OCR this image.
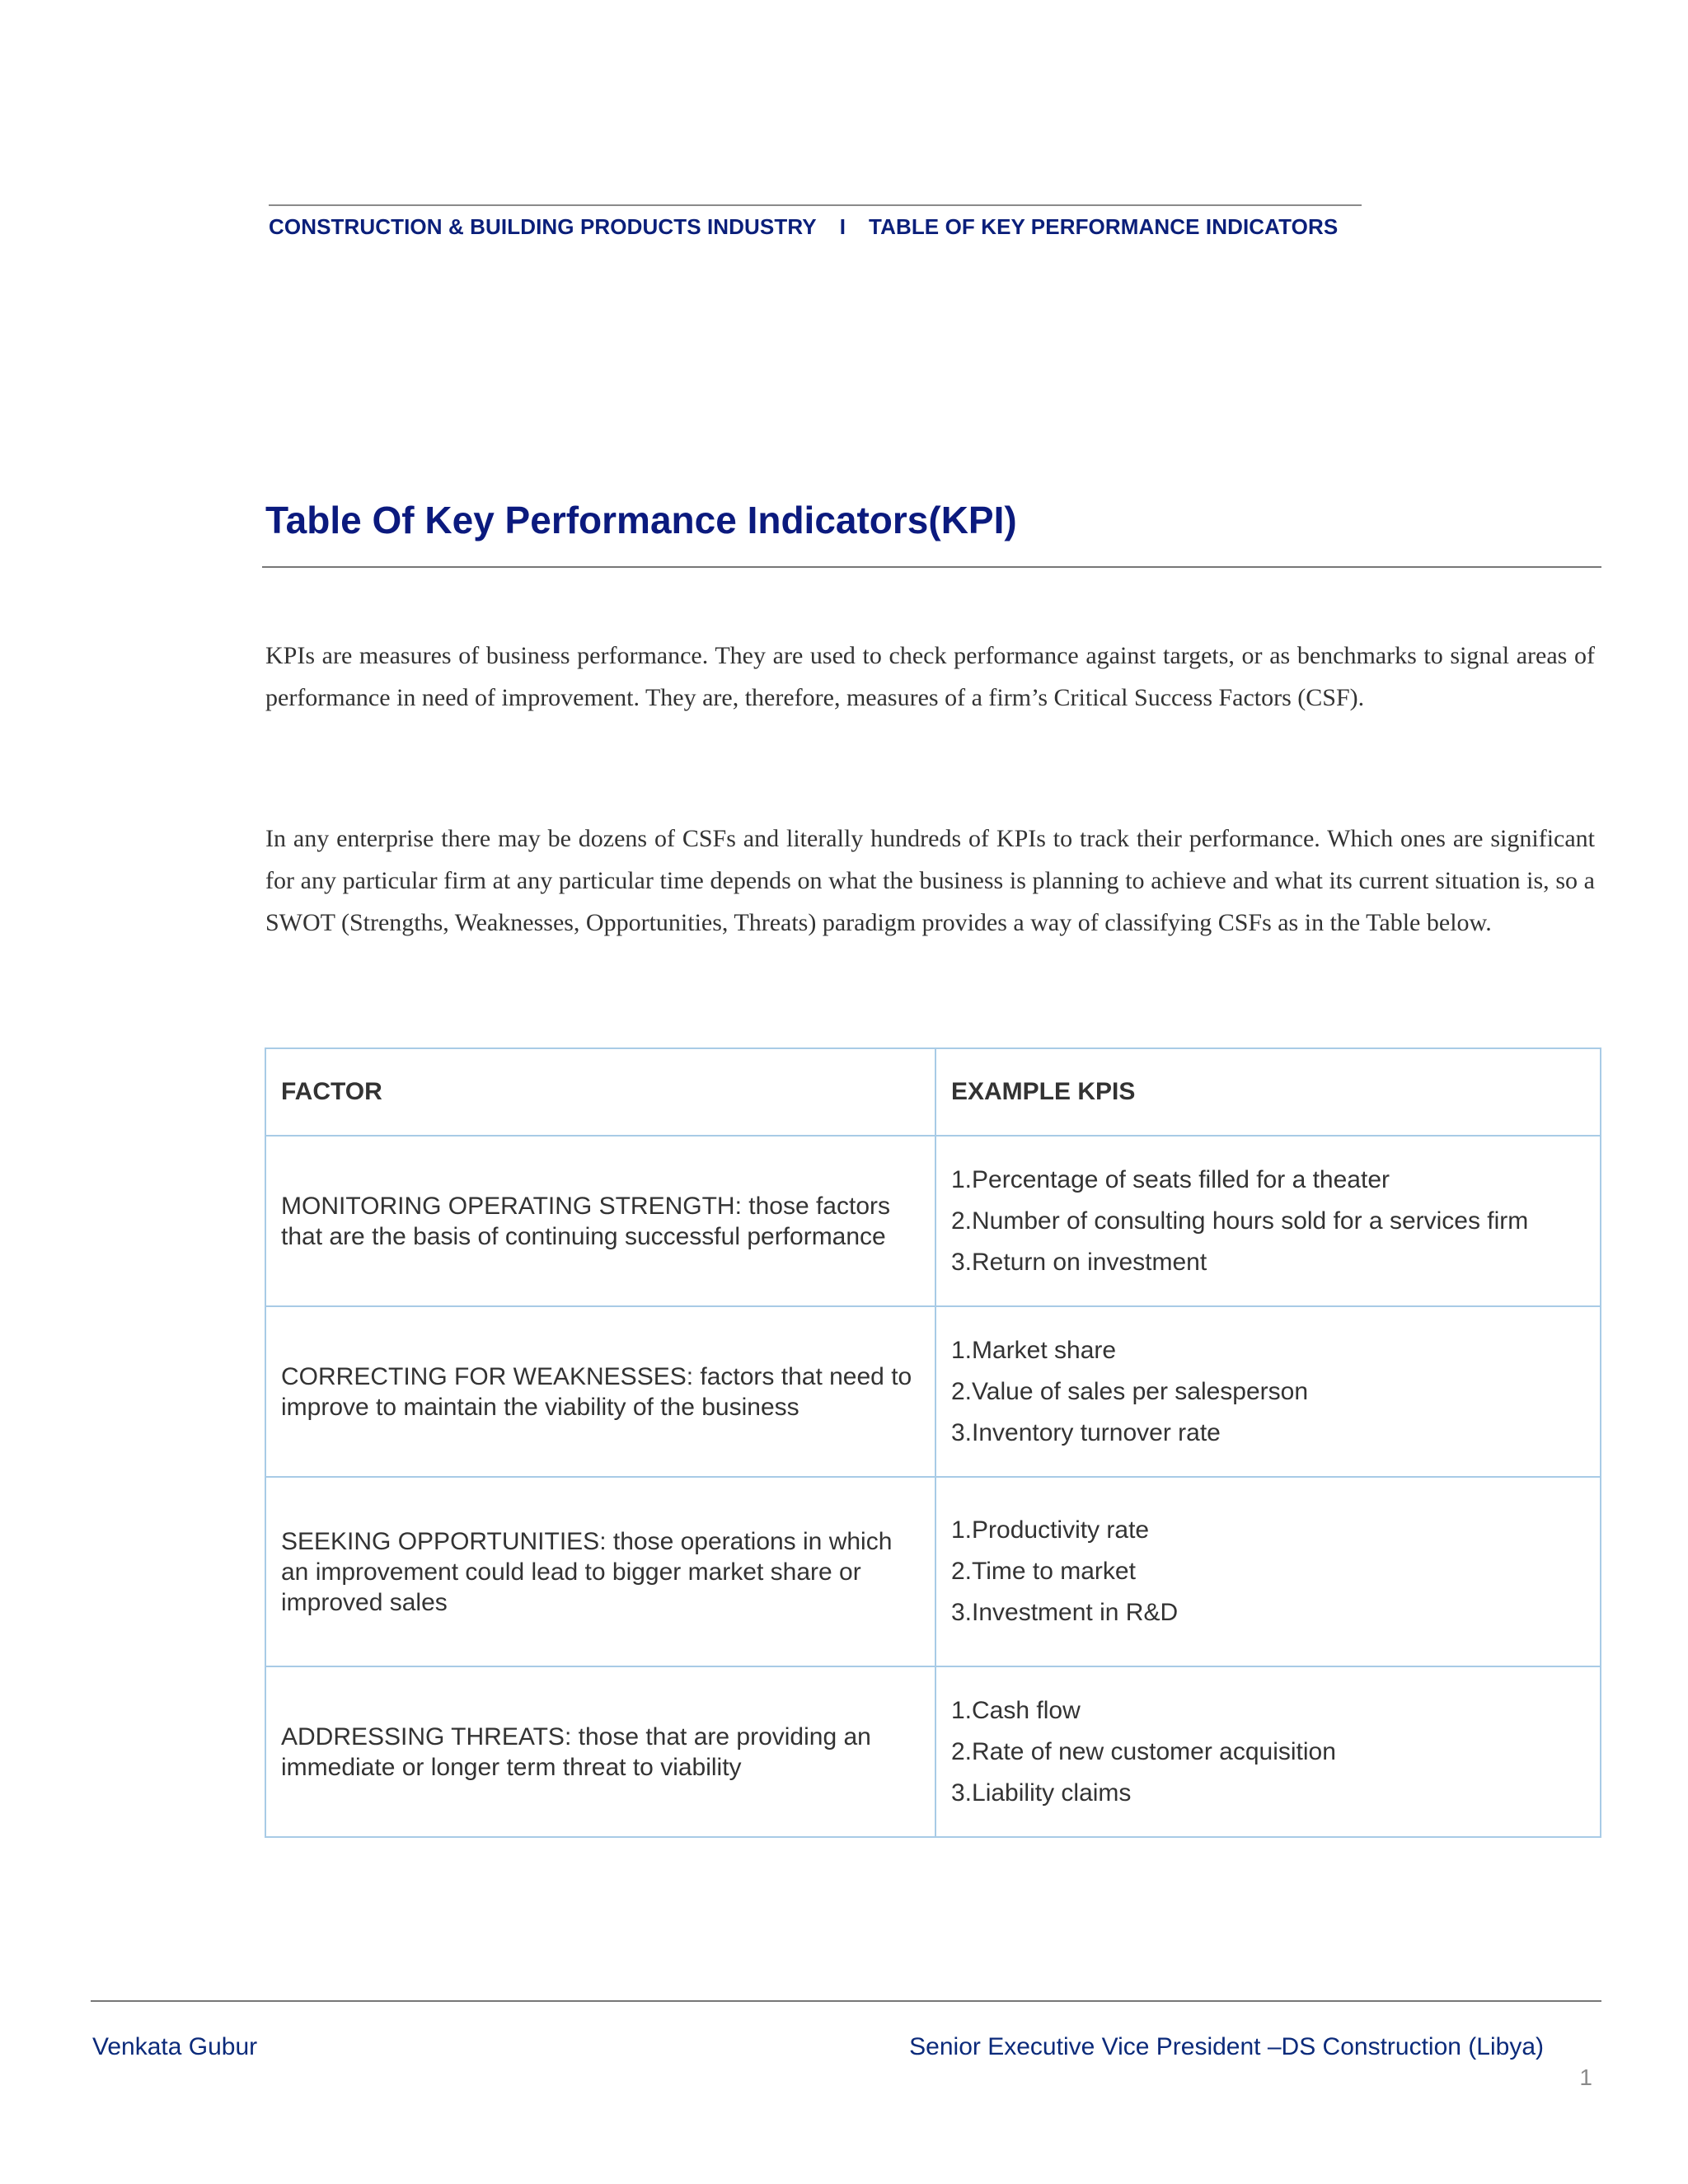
CONSTRUCTION & BUILDING PRODUCTS INDUSTRY I TABLE OF KEY PERFORMANCE INDICATORS
Table Of Key Performance Indicators(KPI)

KPIs are measures of business performance. They are used to check performance against targets, or as benchmarks to signal areas of performance in need of improvement. They are, therefore, measures of a firm’s Critical Success Factors (CSF).

In any enterprise there may be dozens of CSFs and literally hundreds of KPIs to track their performance. Which ones are significant for any particular firm at any particular time depends on what the business is planning to achieve and what its current situation is, so a SWOT (Strengths, Weaknesses, Opportunities, Threats) paradigm provides a way of classifying CSFs as in the Table below.

FACTOR	EXAMPLE KPIS

MONITORING OPERATING STRENGTH: those factors that are the basis of continuing successful performance	1.Percentage of seats filled for a theater
2.Number of consulting hours sold for a services firm
3.Return on investment

CORRECTING FOR WEAKNESSES: factors that need to improve to maintain the viability of the business	1.Market share
2.Value of sales per salesperson
3.Inventory turnover rate

SEEKING OPPORTUNITIES: those operations in which an improvement could lead to bigger market share or improved sales	1.Productivity rate
2.Time to market
3.Investment in R&D

ADDRESSING THREATS: those that are providing an immediate or longer term threat to viability	1.Cash flow
2.Rate of new customer acquisition
3.Liability claims
Venkata Gubur	Senior Executive Vice President –DS Construction (Libya)
1
